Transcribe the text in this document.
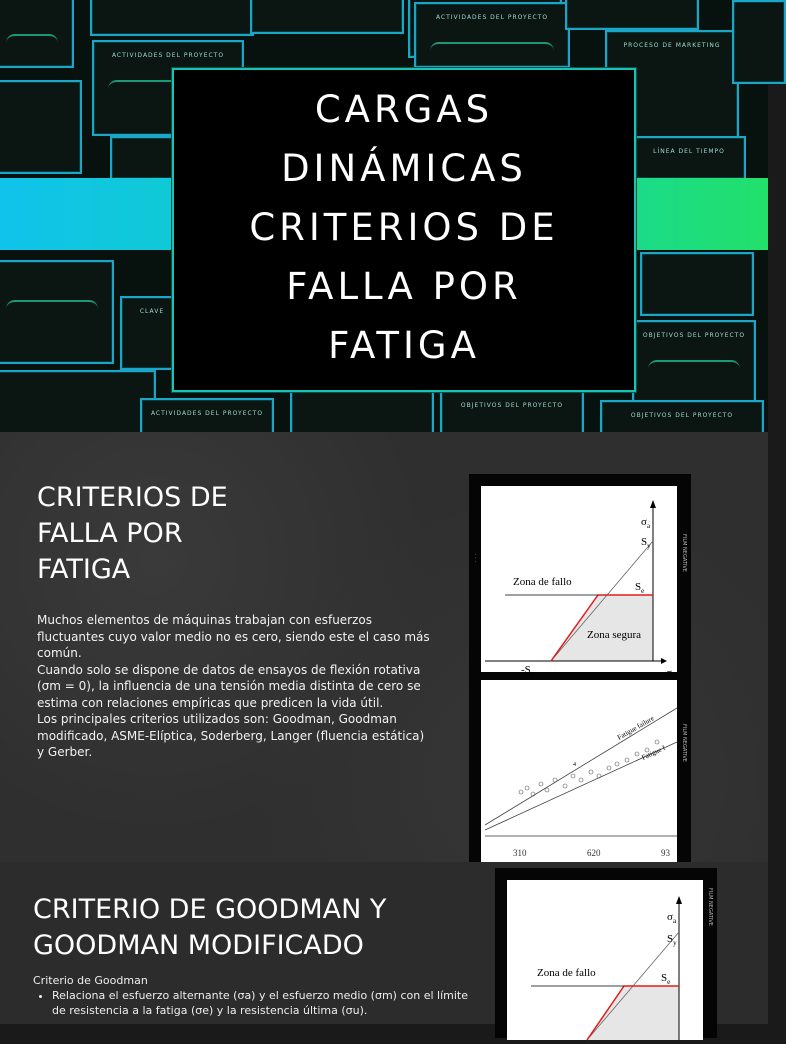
ACTIVIDADES DEL PROYECTO
ACTIVIDADES DEL PROYECTO
PROCESO DE MARKETING
LÍNEA DEL TIEMPO
CLAVE
OBJETIVOS DEL PROYECTO
ACTIVIDADES DEL PROYECTO
OBJETIVOS DEL PROYECTO
OBJETIVOS DEL PROYECTO
CARGAS
DINÁMICAS
CRITERIOS DE
FALLA POR
FATIGA
CRITERIOS DE
FALLA POR
FATIGA
Muchos elementos de máquinas trabajan con esfuerzos fluctuantes cuyo valor medio no es cero, siendo este el caso más común.
Cuando solo se dispone de datos de ensayos de flexión rotativa (σm = 0), la influencia de una tensión media distinta de cero se estima con relaciones empíricas que predicen la vida útil.
Los principales criterios utilizados son: Goodman, Goodman modificado, ASME-Elíptica, Soderberg, Langer (fluencia estática) y Gerber.
· · ·	FILM NEGATIVE
FILM NEGATIVE
$\sigma_a$
$S_y$
$S_e$
Zona de fallo
Zona segura
$-S_y$	σ
4
Fatigue failure
Fatigue f
310	620	93
CRITERIO DE GOODMAN Y
GOODMAN MODIFICADO
Criterio de Goodman
• Relaciona el esfuerzo alternante (σa) y el esfuerzo medio (σm) con el límite de resistencia a la fatiga (σe) y la resistencia última (σu).
FILM NEGATIVE
$\sigma_a$
$S_y$
$S_e$
Zona de fallo
